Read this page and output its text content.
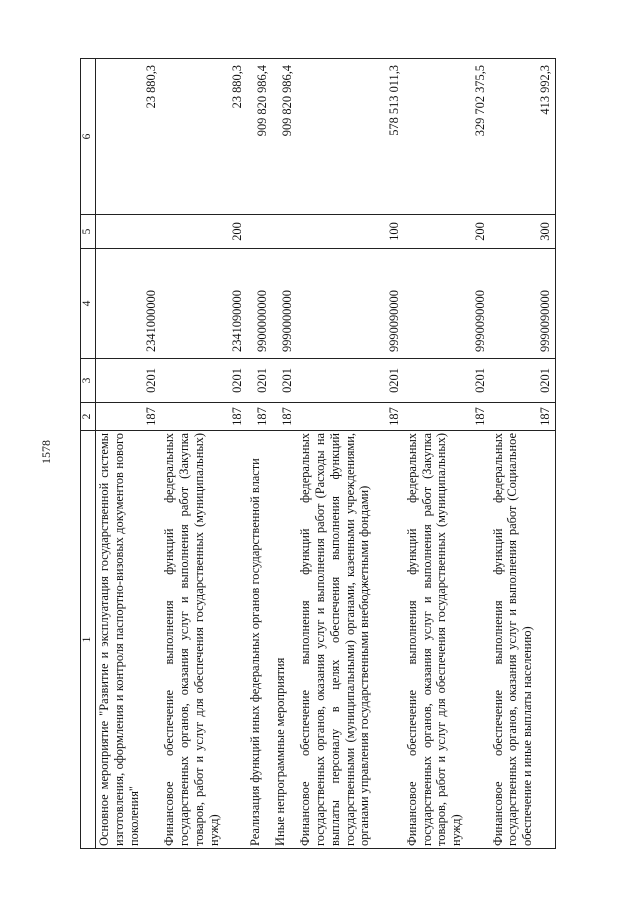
1578
1	2	3	4	5	6
Основное мероприятие "Развитие и эксплуатация государственной системы изготовления, оформления и контроля паспортно-визовых документов нового поколения"	187	0201	2341000000		23 880,3
Финансовое обеспечение выполнения функций федеральных государственных органов, оказания услуг и выполнения работ (Закупка товаров, работ и услуг для обеспечения государственных (муниципальных) нужд)	187	0201	2341090000	200	23 880,3
Реализация функций иных федеральных органов государственной власти	187	0201	9900000000		909 820 986,4
Иные непрограммные мероприятия	187	0201	9990000000		909 820 986,4
Финансовое обеспечение выполнения функций федеральных государственных органов, оказания услуг и выполнения работ (Расходы на выплаты персоналу в целях обеспечения выполнения функций государственными (муниципальными) органами, казенными учреждениями, органами управления государственными внебюджетными фондами)	187	0201	9990090000	100	578 513 011,3
Финансовое обеспечение выполнения функций федеральных государственных органов, оказания услуг и выполнения работ (Закупка товаров, работ и услуг для обеспечения государственных (муниципальных) нужд)	187	0201	9990090000	200	329 702 375,5
Финансовое обеспечение выполнения функций федеральных государственных органов, оказания услуг и выполнения работ (Социальное обеспечение и иные выплаты населению)	187	0201	9990090000	300	413 992,3
